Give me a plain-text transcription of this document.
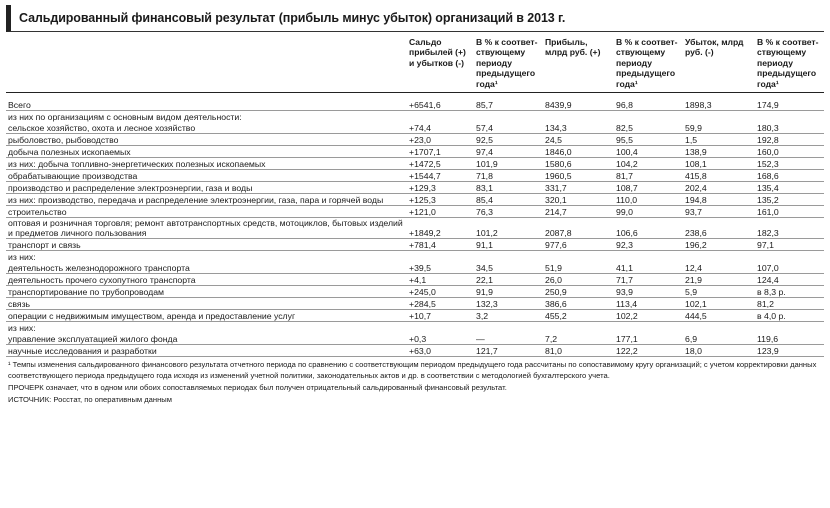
Сальдированный финансовый результат (прибыль минус убыток) организаций в 2013 г.
	Сальдо прибылей (+) и убытков (-)	В % к соответ- ствующему периоду предыдущего года¹	Прибыль, млрд руб. (+)	В % к соответ- ствующему периоду предыдущего года¹	Убыток, млрд руб. (-)	В % к соответ- ствующему периоду предыдущего года¹
Всего	+6541,6	85,7	8439,9	96,8	1898,3	174,9
из них по организациям с основным видом деятельности:						
сельское хозяйство, охота и лесное хозяйство	+74,4	57,4	134,3	82,5	59,9	180,3
рыболовство, рыбоводство	+23,0	92,5	24,5	95,5	1,5	192,8
добыча полезных ископаемых	+1707,1	97,4	1846,0	100,4	138,9	160,0
из них: добыча топливно-энергетических полезных ископаемых	+1472,5	101,9	1580,6	104,2	108,1	152,3
обрабатывающие производства	+1544,7	71,8	1960,5	81,7	415,8	168,6
производство и распределение электроэнергии, газа и воды	+129,3	83,1	331,7	108,7	202,4	135,4
из них: производство, передача и распределение электроэнергии, газа, пара и горячей воды	+125,3	85,4	320,1	110,0	194,8	135,2
строительство	+121,0	76,3	214,7	99,0	93,7	161,0
оптовая и розничная торговля; ремонт автотранспортных средств, мотоциклов, бытовых изделий и предметов личного пользования	+1849,2	101,2	2087,8	106,6	238,6	182,3
транспорт и связь	+781,4	91,1	977,6	92,3	196,2	97,1
из них:						
деятельность железнодорожного транспорта	+39,5	34,5	51,9	41,1	12,4	107,0
деятельность прочего сухопутного транспорта	+4,1	22,1	26,0	71,7	21,9	124,4
транспортирование по трубопроводам	+245,0	91,9	250,9	93,9	5,9	в 8,3 р.
связь	+284,5	132,3	386,6	113,4	102,1	81,2
операции с недвижимым имуществом, аренда и предоставление услуг	+10,7	3,2	455,2	102,2	444,5	в 4,0 р.
из них:						
управление эксплуатацией жилого фонда	+0,3	—	7,2	177,1	6,9	119,6
научные исследования и разработки	+63,0	121,7	81,0	122,2	18,0	123,9

¹ Темпы изменения сальдированного финансового результата отчетного периода по сравнению с соответствующим периодом предыдущего года рассчитаны по сопоставимому кругу организаций; с учетом корректировки данных соответствующего периода предыдущего года исходя из изменений учетной политики, законодательных актов и др. в соответствии с методологией бухгалтерского учета.

ПРОЧЕРК означает, что в одном или обоих сопоставляемых периодах был получен отрицательный сальдированный финансовый результат.

ИСТОЧНИК: Росстат, по оперативным данным
